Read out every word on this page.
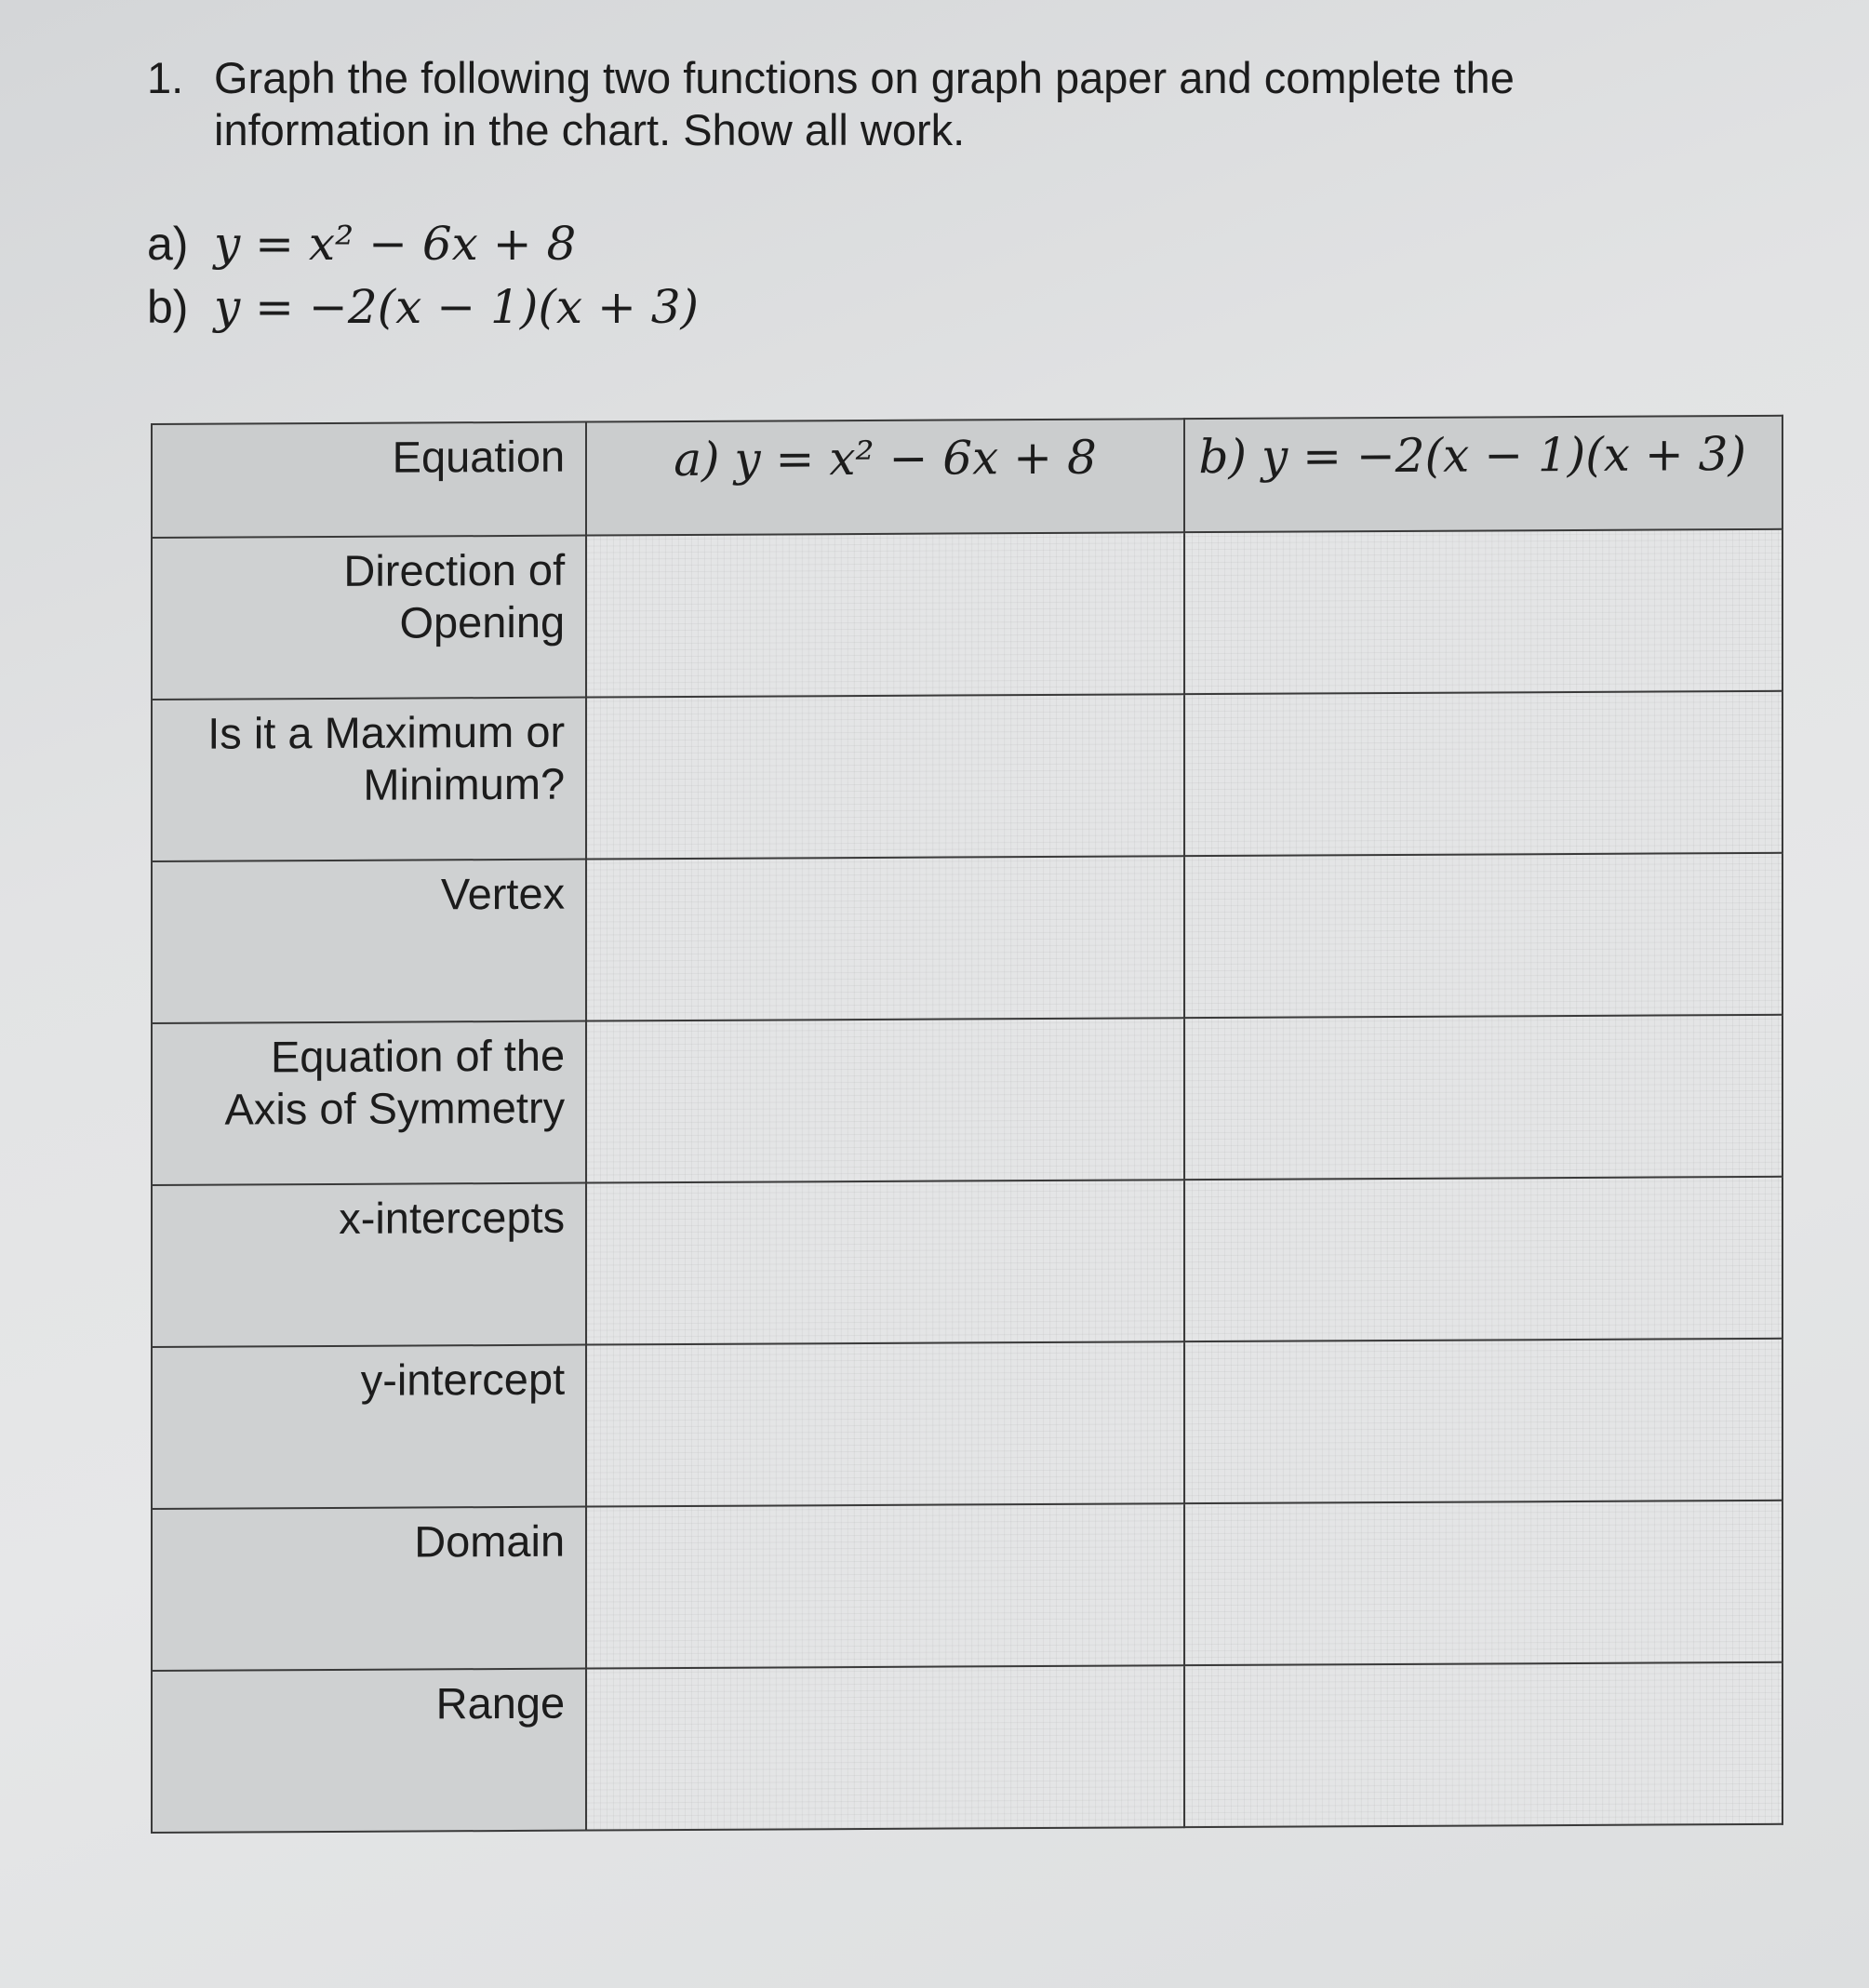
1. Graph the following two functions on graph paper and complete the
information in the chart. Show all work.
a) y = x² − 6x + 8
b) y = −2(x − 1)(x + 3)
Equation	a) y = x² − 6x + 8	b) y = −2(x − 1)(x + 3)

Direction of
Opening		

Is it a Maximum or
Minimum?		

Vertex		

Equation of the
Axis of Symmetry		

x-intercepts		

y-intercept		

Domain		

Range		
